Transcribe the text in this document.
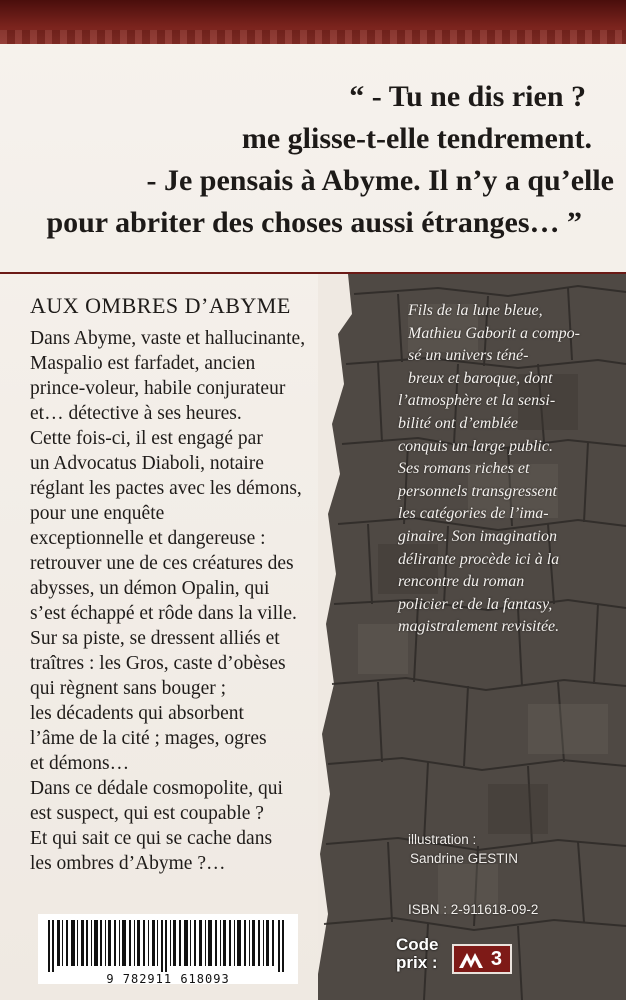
“ - Tu ne dis rien ?
me glisse-t-elle tendrement.
- Je pensais à Abyme. Il n’y a qu’elle
pour abriter des choses aussi étranges… ”
AUX OMBRES D’ABYME
Dans Abyme, vaste et hallucinante,
Maspalio est farfadet, ancien
prince-voleur, habile conjurateur
et… détective à ses heures.
Cette fois-ci, il est engagé par
un Advocatus Diaboli, notaire
réglant les pactes avec les démons,
pour une enquête
exceptionnelle et dangereuse :
retrouver une de ces créatures des
abysses, un démon Opalin, qui
s’est échappé et rôde dans la ville.
Sur sa piste, se dressent alliés et
traîtres : les Gros, caste d’obèses
qui règnent sans bouger ;
les décadents qui absorbent
l’âme de la cité ; mages, ogres
et démons…
Dans ce dédale cosmopolite, qui
est suspect, qui est coupable ?
Et qui sait ce qui se cache dans
les ombres d’Abyme ?…
Fils de la lune bleue,
Mathieu Gaborit a compo-
sé un univers téné-
breux et baroque, dont
l’atmosphère et la sensi-
bilité ont d’emblée
conquis un large public.
Ses romans riches et
personnels transgressent
les catégories de l’ima-
ginaire. Son imagination
délirante procède ici à la
rencontre du roman
policier et de la fantasy,
magistralement revisitée.
illustration :
Sandrine GESTIN
ISBN : 2-911618-09-2
Code
prix :	3
9 782911 618093
